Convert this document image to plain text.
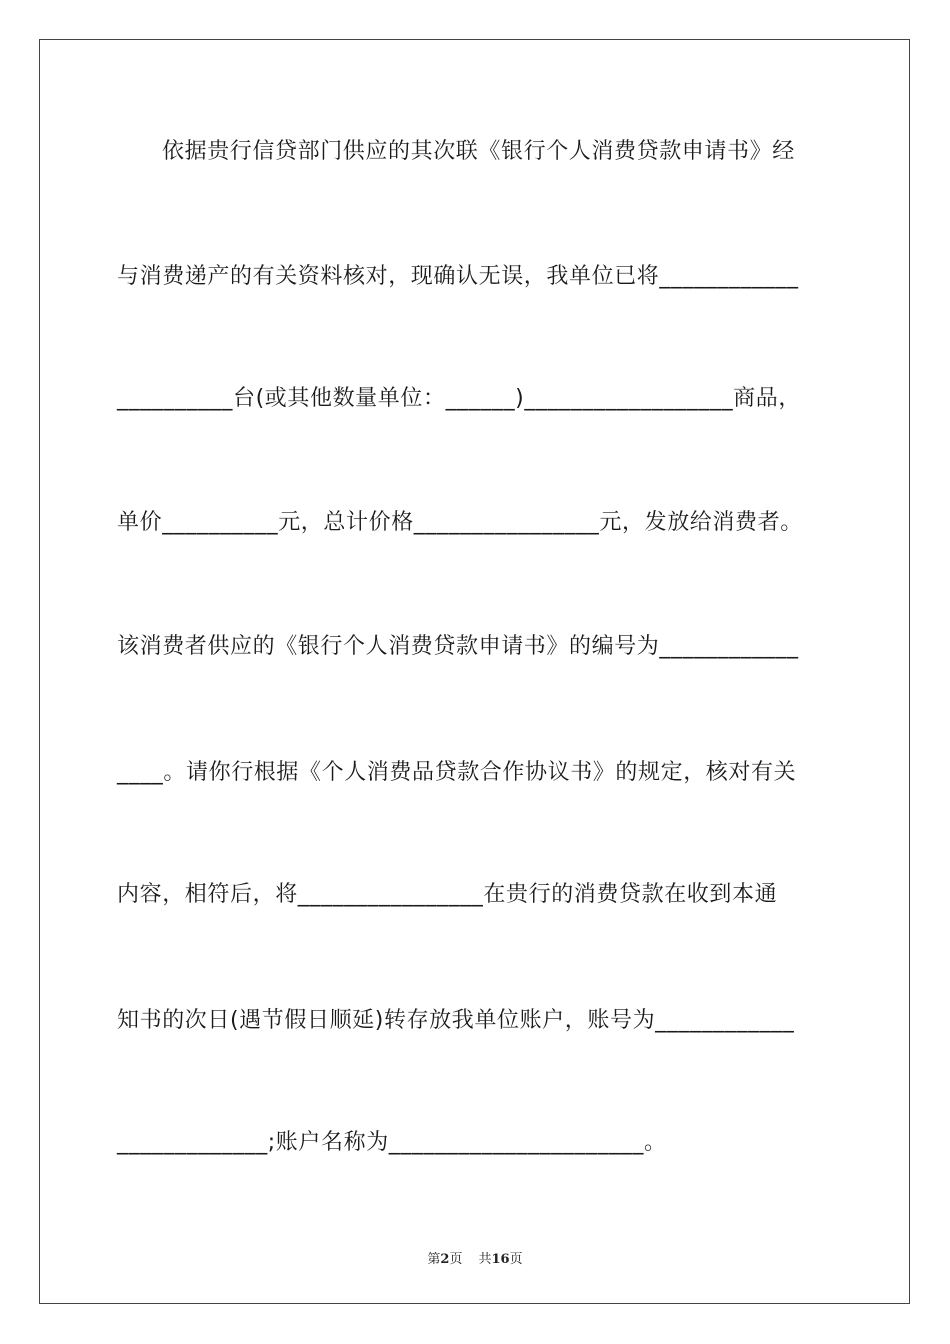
依据贵行信贷部门供应的其次联《银行个人消费贷款申请书》经
与消费递产的有关资料核对，现确认无误，我单位已将____________
__________台(或其他数量单位：______)__________________商品，
单价__________元，总计价格________________元，发放给消费者。
该消费者供应的《银行个人消费贷款申请书》的编号为____________
____。请你行根据《个人消费品贷款合作协议书》的规定，核对有关
内容，相符后，将________________在贵行的消费贷款在收到本通
知书的次日(遇节假日顺延)转存放我单位账户，账号为____________
_____________;账户名称为______________________。
第2页 共16页
